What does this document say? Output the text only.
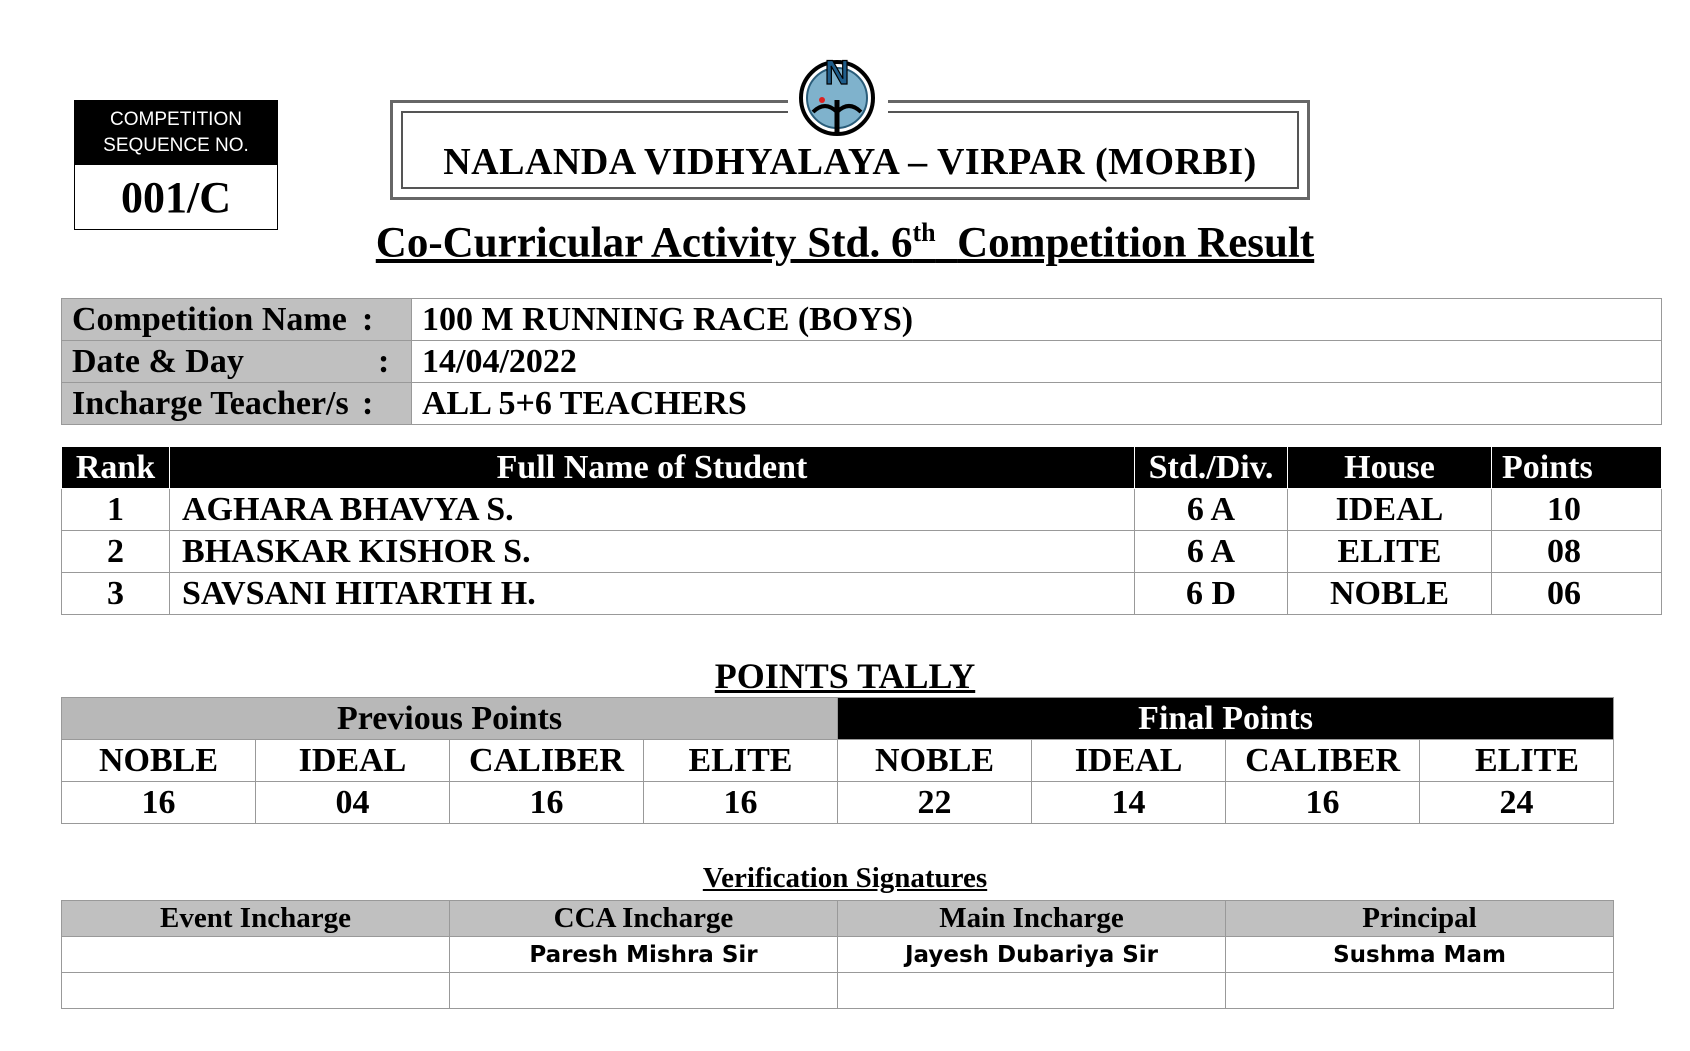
COMPETITION
SEQUENCE NO.
001/C
N
NALANDA VIDHYALAYA – VIRPAR (MORBI)
Co-Curricular Activity Std. 6th Competition Result
Competition Name :	100 M RUNNING RACE (BOYS)
Date & Day :	14/04/2022
Incharge Teacher/s :	ALL 5+6 TEACHERS
Rank	Full Name of Student	Std./Div.	House	Points
1	AGHARA BHAVYA S.	6 A	IDEAL	10
2	BHASKAR KISHOR S.	6 A	ELITE	08
3	SAVSANI HITARTH H.	6 D	NOBLE	06
POINTS TALLY
Previous Points				Final Points			
NOBLE	IDEAL	CALIBER	ELITE	NOBLE	IDEAL	CALIBER	ELITE
16	04	16	16	22	14	16	24
Verification Signatures
Event Incharge	CCA Incharge	Main Incharge	Principal
	Paresh Mishra Sir	Jayesh Dubariya Sir	Sushma Mam
